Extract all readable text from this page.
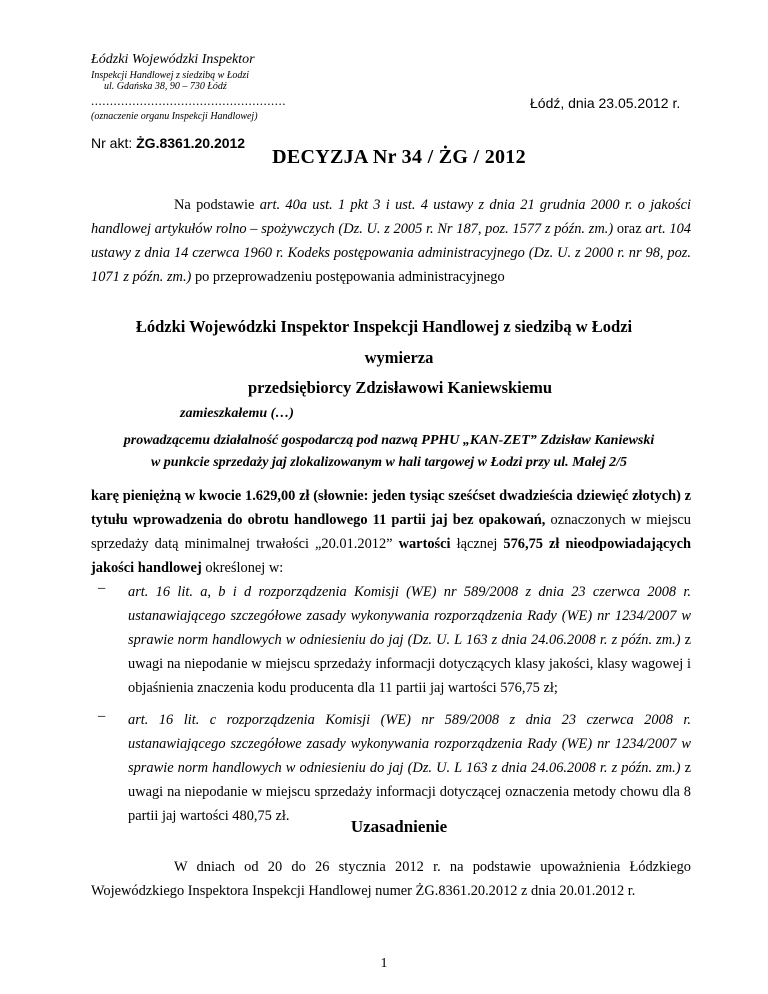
Łódzki Wojewódzki Inspektor
Inspekcji Handlowej z siedzibą w Łodzi
ul. Gdańska 38, 90 – 730 Łódź
....................................................
(oznaczenie organu Inspekcji Handlowej)
Łódź, dnia 23.05.2012 r.
Nr akt: ŻG.8361.20.2012
DECYZJA Nr 34 / ŻG / 2012
Na podstawie art. 40a ust. 1 pkt 3 i ust. 4 ustawy z dnia 21 grudnia 2000 r. o jakości handlowej artykułów rolno – spożywczych (Dz. U. z 2005 r. Nr 187, poz. 1577 z późn. zm.) oraz art. 104 ustawy z dnia 14 czerwca 1960 r. Kodeks postępowania administracyjnego (Dz. U. z 2000 r. nr 98, poz. 1071 z późn. zm.) po przeprowadzeniu postępowania administracyjnego
Łódzki Wojewódzki Inspektor Inspekcji Handlowej z siedzibą w Łodzi
wymierza
przedsiębiorcy Zdzisławowi Kaniewskiemu
zamieszkałemu (…)
prowadzącemu działalność gospodarczą pod nazwą PPHU „KAN-ZET” Zdzisław Kaniewski
w punkcie sprzedaży jaj zlokalizowanym w hali targowej w Łodzi przy ul. Małej 2/5
karę pieniężną w kwocie 1.629,00 zł (słownie: jeden tysiąc sześćset dwadzieścia dziewięć złotych) z tytułu wprowadzenia do obrotu handlowego 11 partii jaj bez opakowań, oznaczonych w miejscu sprzedaży datą minimalnej trwałości „20.01.2012” wartości łącznej 576,75 zł nieodpowiadających jakości handlowej określonej w:
– art. 16 lit. a, b i d rozporządzenia Komisji (WE) nr 589/2008 z dnia 23 czerwca 2008 r. ustanawiającego szczegółowe zasady wykonywania rozporządzenia Rady (WE) nr 1234/2007 w sprawie norm handlowych w odniesieniu do jaj (Dz. U. L 163 z dnia 24.06.2008 r. z późn. zm.) z uwagi na niepodanie w miejscu sprzedaży informacji dotyczących klasy jakości, klasy wagowej i objaśnienia znaczenia kodu producenta dla 11 partii jaj wartości 576,75 zł;
– art. 16 lit. c rozporządzenia Komisji (WE) nr 589/2008 z dnia 23 czerwca 2008 r. ustanawiającego szczegółowe zasady wykonywania rozporządzenia Rady (WE) nr 1234/2007 w sprawie norm handlowych w odniesieniu do jaj (Dz. U. L 163 z dnia 24.06.2008 r. z późn. zm.) z uwagi na niepodanie w miejscu sprzedaży informacji dotyczącej oznaczenia metody chowu dla 8 partii jaj wartości 480,75 zł.
Uzasadnienie
W dniach od 20 do 26 stycznia 2012 r. na podstawie upoważnienia Łódzkiego Wojewódzkiego Inspektora Inspekcji Handlowej numer ŻG.8361.20.2012 z dnia 20.01.2012 r.
1
